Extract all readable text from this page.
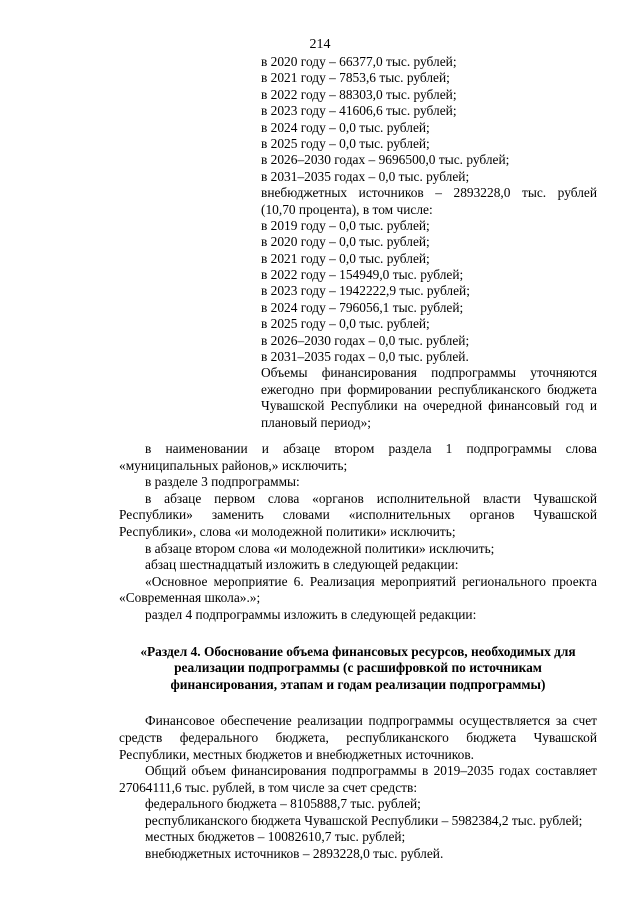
214
в 2020 году – 66377,0 тыс. рублей;
в 2021 году – 7853,6 тыс. рублей;
в 2022 году – 88303,0 тыс. рублей;
в 2023 году – 41606,6 тыс. рублей;
в 2024 году – 0,0 тыс. рублей;
в 2025 году – 0,0 тыс. рублей;
в 2026–2030 годах – 9696500,0 тыс. рублей;
в 2031–2035 годах – 0,0 тыс. рублей;
внебюджетных источников – 2893228,0 тыс. рублей
(10,70 процента), в том числе:
в 2019 году – 0,0 тыс. рублей;
в 2020 году – 0,0 тыс. рублей;
в 2021 году – 0,0 тыс. рублей;
в 2022 году – 154949,0 тыс. рублей;
в 2023 году – 1942222,9 тыс. рублей;
в 2024 году – 796056,1 тыс. рублей;
в 2025 году – 0,0 тыс. рублей;
в 2026–2030 годах – 0,0 тыс. рублей;
в 2031–2035 годах – 0,0 тыс. рублей.
Объемы финансирования подпрограммы уточняются ежегодно при формировании республиканского бюджета Чувашской Республики на очередной финансовый год и плановый период»;
в наименовании и абзаце втором раздела 1 подпрограммы слова «муниципальных районов,» исключить;
в разделе 3 подпрограммы:
в абзаце первом слова «органов исполнительной власти Чувашской Республики» заменить словами «исполнительных органов Чувашской Республики», слова «и молодежной политики» исключить;
в абзаце втором слова «и молодежной политики» исключить;
абзац шестнадцатый изложить в следующей редакции:
«Основное мероприятие 6. Реализация мероприятий регионального проекта «Современная школа».»;
раздел 4 подпрограммы изложить в следующей редакции:
«Раздел 4. Обоснование объема финансовых ресурсов, необходимых для реализации подпрограммы (с расшифровкой по источникам финансирования, этапам и годам реализации подпрограммы)
Финансовое обеспечение реализации подпрограммы осуществляется за счет средств федерального бюджета, республиканского бюджета Чувашской Республики, местных бюджетов и внебюджетных источников.
Общий объем финансирования подпрограммы в 2019–2035 годах составляет 27064111,6 тыс. рублей, в том числе за счет средств:
федерального бюджета – 8105888,7 тыс. рублей;
республиканского бюджета Чувашской Республики – 5982384,2 тыс. рублей;
местных бюджетов – 10082610,7 тыс. рублей;
внебюджетных источников – 2893228,0 тыс. рублей.
